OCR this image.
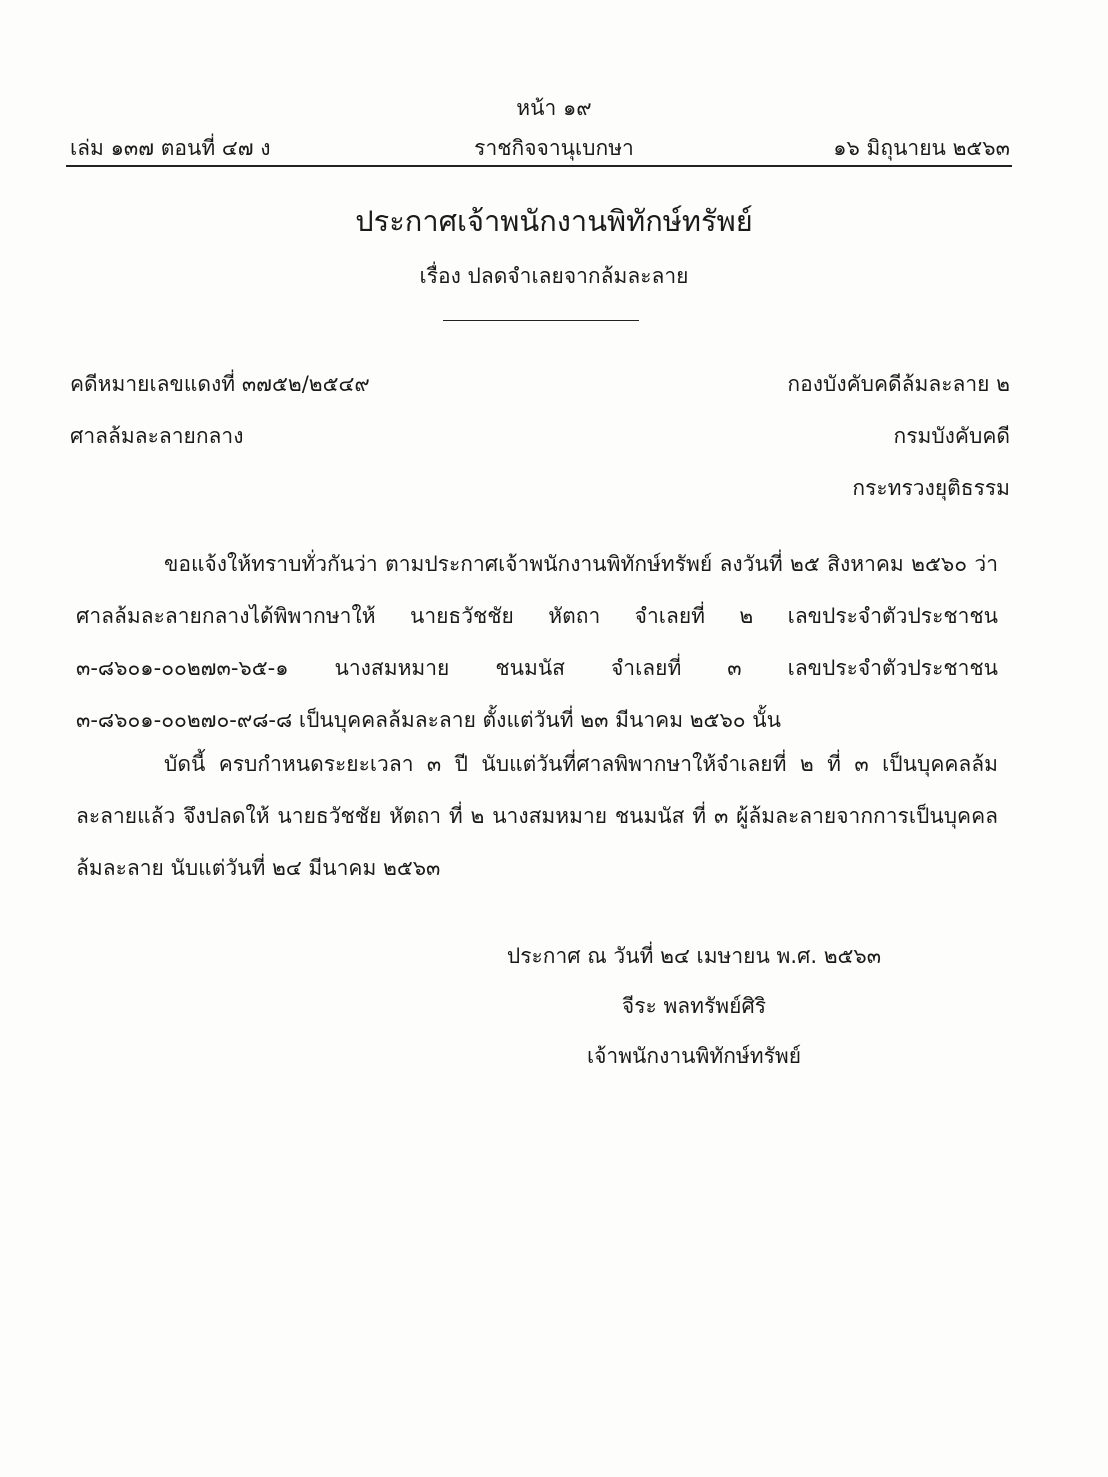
หน้า ๑๙
เล่ม ๑๓๗ ตอนที่ ๔๗ ง	ราชกิจจานุเบกษา	๑๖ มิถุนายน ๒๕๖๓
ประกาศเจ้าพนักงานพิทักษ์ทรัพย์
เรื่อง ปลดจำเลยจากล้มละลาย
คดีหมายเลขแดงที่ ๓๗๕๒/๒๕๔๙	กองบังคับคดีล้มละลาย ๒
ศาลล้มละลายกลาง	กรมบังคับคดี
กระทรวงยุติธรรม
ขอแจ้งให้ทราบทั่วกันว่า ตามประกาศเจ้าพนักงานพิทักษ์ทรัพย์ ลงวันที่ ๒๕ สิงหาคม ๒๕๖๐ ว่าศาลล้มละลายกลางได้พิพากษาให้ นายธวัชชัย หัตถา จำเลยที่ ๒ เลขประจำตัวประชาชน ๓-๘๖๐๑-๐๐๒๗๓-๖๕-๑ นางสมหมาย ชนมนัส จำเลยที่ ๓ เลขประจำตัวประชาชน ๓-๘๖๐๑-๐๐๒๗๐-๙๘-๘ เป็นบุคคลล้มละลาย ตั้งแต่วันที่ ๒๓ มีนาคม ๒๕๖๐ นั้น
บัดนี้ ครบกำหนดระยะเวลา ๓ ปี นับแต่วันที่ศาลพิพากษาให้จำเลยที่ ๒ ที่ ๓ เป็นบุคคลล้มละลายแล้ว จึงปลดให้ นายธวัชชัย หัตถา ที่ ๒ นางสมหมาย ชนมนัส ที่ ๓ ผู้ล้มละลายจากการเป็นบุคคลล้มละลาย นับแต่วันที่ ๒๔ มีนาคม ๒๕๖๓
ประกาศ ณ วันที่ ๒๔ เมษายน พ.ศ. ๒๕๖๓
จีระ พลทรัพย์ศิริ
เจ้าพนักงานพิทักษ์ทรัพย์
